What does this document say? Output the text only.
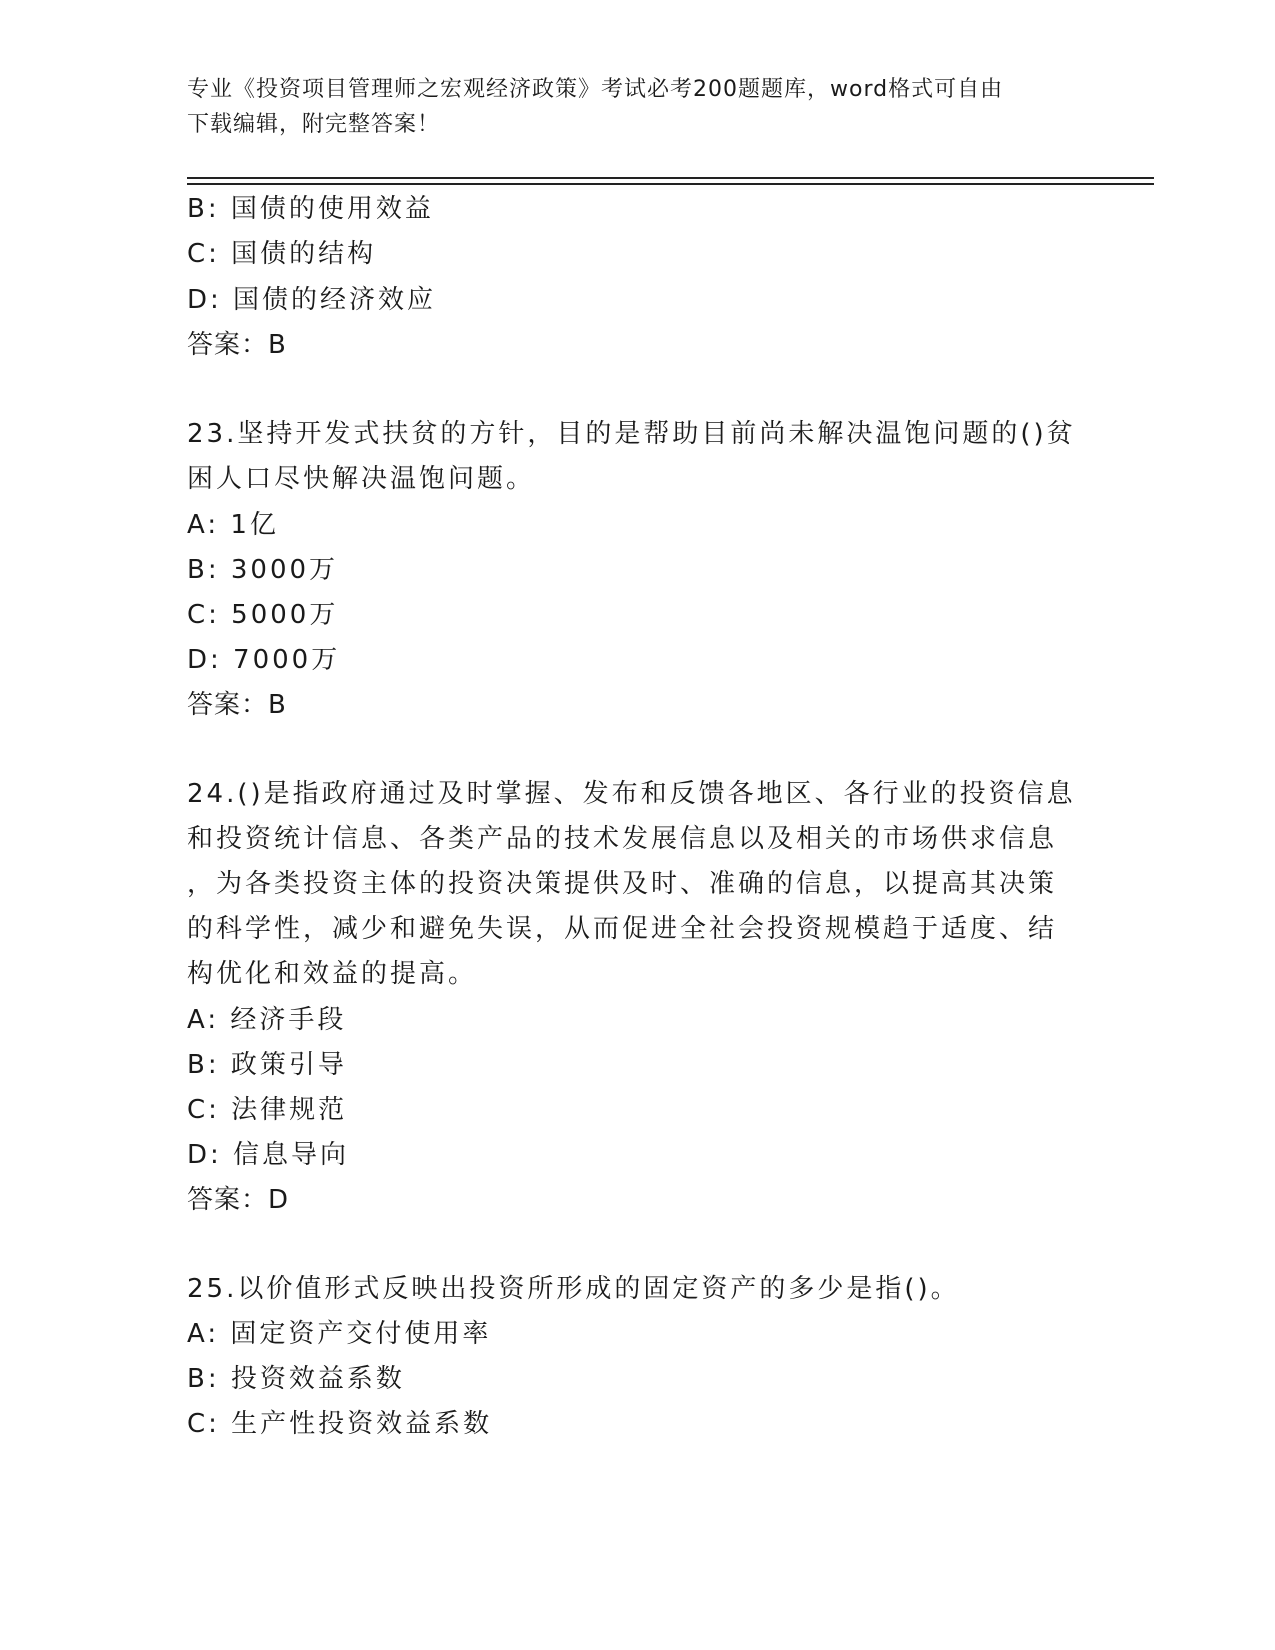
专业《投资项目管理师之宏观经济政策》考试必考200题题库，word格式可自由
下载编辑，附完整答案！
B: 国债的使用效益
C: 国债的结构
D: 国债的经济效应
答案：B
23.坚持开发式扶贫的方针，目的是帮助目前尚未解决温饱问题的()贫
困人口尽快解决温饱问题。
A: 1亿
B: 3000万
C: 5000万
D: 7000万
答案：B
24.()是指政府通过及时掌握、发布和反馈各地区、各行业的投资信息
和投资统计信息、各类产品的技术发展信息以及相关的市场供求信息
，为各类投资主体的投资决策提供及时、准确的信息，以提高其决策
的科学性，减少和避免失误，从而促进全社会投资规模趋于适度、结
构优化和效益的提高。
A: 经济手段
B: 政策引导
C: 法律规范
D: 信息导向
答案：D
25.以价值形式反映出投资所形成的固定资产的多少是指()。
A: 固定资产交付使用率
B: 投资效益系数
C: 生产性投资效益系数
